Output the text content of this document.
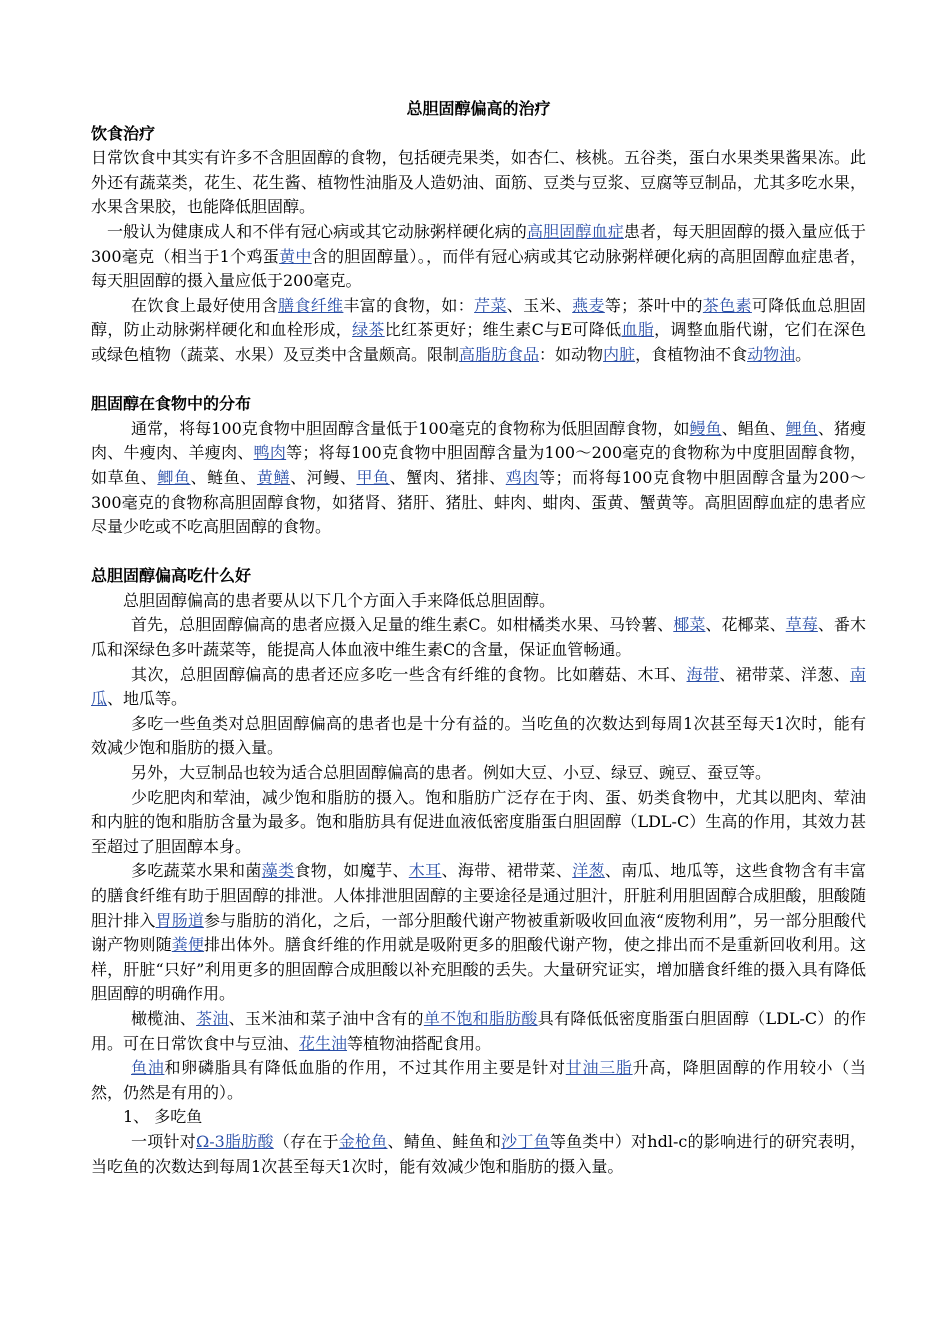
总胆固醇偏高的治疗
饮食治疗

日常饮食中其实有许多不含胆固醇的食物，包括硬壳果类，如杏仁、核桃。五谷类，蛋白水果类果酱果冻。此外还有蔬菜类，花生、花生酱、植物性油脂及人造奶油、面筋、豆类与豆浆、豆腐等豆制品，尤其多吃水果，水果含果胶，也能降低胆固醇。

一般认为健康成人和不伴有冠心病或其它动脉粥样硬化病的高胆固醇血症患者，每天胆固醇的摄入量应低于300毫克（相当于1个鸡蛋黄中含的胆固醇量）。，而伴有冠心病或其它动脉粥样硬化病的高胆固醇血症患者，每天胆固醇的摄入量应低于200毫克。

在饮食上最好使用含膳食纤维丰富的食物，如：芹菜、玉米、燕麦等；茶叶中的茶色素可降低血总胆固醇，防止动脉粥样硬化和血栓形成，绿茶比红茶更好；维生素C与E可降低血脂，调整血脂代谢，它们在深色或绿色植物（蔬菜、水果）及豆类中含量颇高。限制高脂肪食品：如动物内脏，食植物油不食动物油。

胆固醇在食物中的分布

通常，将每100克食物中胆固醇含量低于100毫克的食物称为低胆固醇食物，如鳗鱼、鲳鱼、鲤鱼、猪瘦肉、牛瘦肉、羊瘦肉、鸭肉等；将每100克食物中胆固醇含量为100～200毫克的食物称为中度胆固醇食物，如草鱼、鲫鱼、鲢鱼、黄鳝、河鳗、甲鱼、蟹肉、猪排、鸡肉等；而将每100克食物中胆固醇含量为200～300毫克的食物称高胆固醇食物，如猪肾、猪肝、猪肚、蚌肉、蚶肉、蛋黄、蟹黄等。高胆固醇血症的患者应尽量少吃或不吃高胆固醇的食物。

总胆固醇偏高吃什么好

总胆固醇偏高的患者要从以下几个方面入手来降低总胆固醇。

首先，总胆固醇偏高的患者应摄入足量的维生素C。如柑橘类水果、马铃薯、椰菜、花椰菜、草莓、番木瓜和深绿色多叶蔬菜等，能提高人体血液中维生素C的含量，保证血管畅通。

其次，总胆固醇偏高的患者还应多吃一些含有纤维的食物。比如蘑菇、木耳、海带、裙带菜、洋葱、南瓜、地瓜等。

多吃一些鱼类对总胆固醇偏高的患者也是十分有益的。当吃鱼的次数达到每周1次甚至每天1次时，能有效减少饱和脂肪的摄入量。

另外，大豆制品也较为适合总胆固醇偏高的患者。例如大豆、小豆、绿豆、豌豆、蚕豆等。

少吃肥肉和荤油，减少饱和脂肪的摄入。饱和脂肪广泛存在于肉、蛋、奶类食物中，尤其以肥肉、荤油和内脏的饱和脂肪含量为最多。饱和脂肪具有促进血液低密度脂蛋白胆固醇（LDL-C）生高的作用，其效力甚至超过了胆固醇本身。

多吃蔬菜水果和菌藻类食物，如魔芋、木耳、海带、裙带菜、洋葱、南瓜、地瓜等，这些食物含有丰富的膳食纤维有助于胆固醇的排泄。人体排泄胆固醇的主要途径是通过胆汁，肝脏利用胆固醇合成胆酸，胆酸随胆汁排入胃肠道参与脂肪的消化，之后，一部分胆酸代谢产物被重新吸收回血液“废物利用”，另一部分胆酸代谢产物则随粪便排出体外。膳食纤维的作用就是吸附更多的胆酸代谢产物，使之排出而不是重新回收利用。这样，肝脏“只好”利用更多的胆固醇合成胆酸以补充胆酸的丢失。大量研究证实，增加膳食纤维的摄入具有降低胆固醇的明确作用。

橄榄油、茶油、玉米油和菜子油中含有的单不饱和脂肪酸具有降低低密度脂蛋白胆固醇（LDL-C）的作用。可在日常饮食中与豆油、花生油等植物油搭配食用。

鱼油和卵磷脂具有降低血脂的作用，不过其作用主要是针对甘油三脂升高，降胆固醇的作用较小（当然，仍然是有用的）。

1、 多吃鱼

一项针对Ω-3脂肪酸（存在于金枪鱼、鲭鱼、鲑鱼和沙丁鱼等鱼类中）对hdl-c的影响进行的研究表明，当吃鱼的次数达到每周1次甚至每天1次时，能有效减少饱和脂肪的摄入量。
